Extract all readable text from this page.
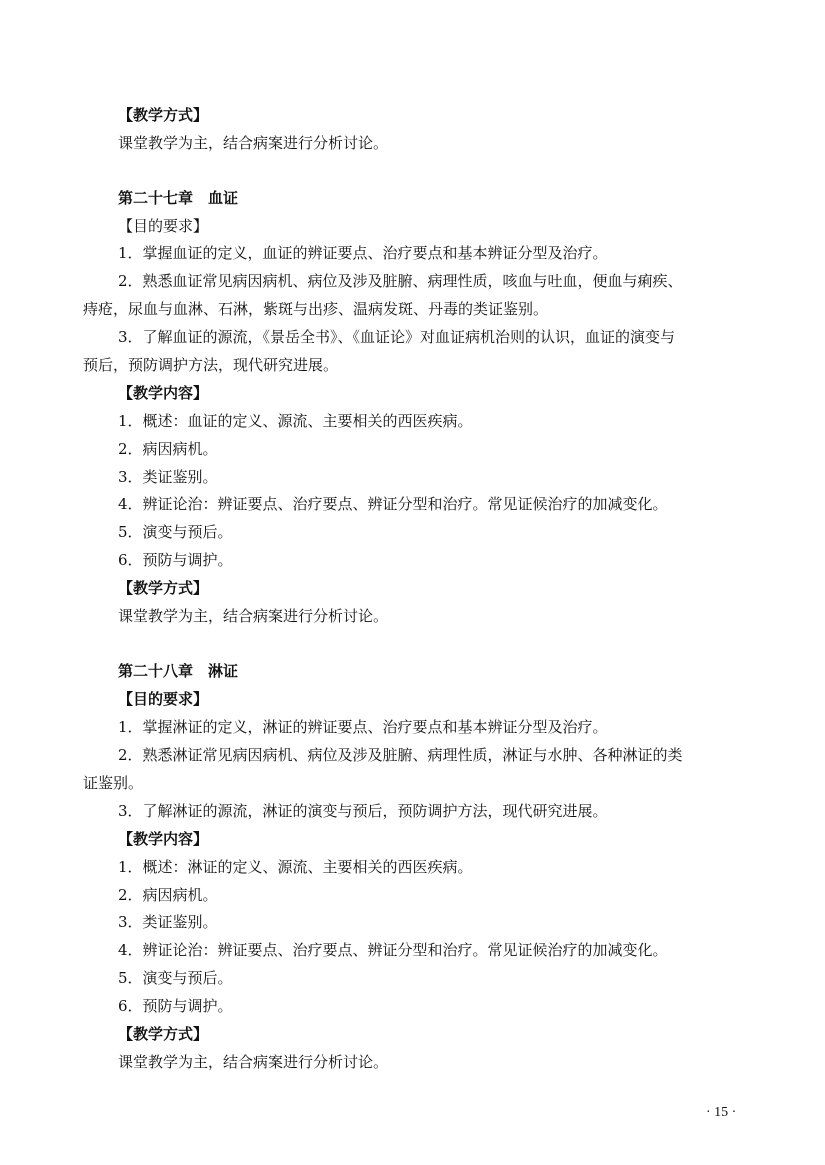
【教学方式】
课堂教学为主，结合病案进行分析讨论。
第二十七章　血证
【目的要求】
1．掌握血证的定义，血证的辨证要点、治疗要点和基本辨证分型及治疗。
2．熟悉血证常见病因病机、病位及涉及脏腑、病理性质，咳血与吐血，便血与痢疾、
痔疮，尿血与血淋、石淋，紫斑与出疹、温病发斑、丹毒的类证鉴别。
3．了解血证的源流，《景岳全书》、《血证论》对血证病机治则的认识，血证的演变与
预后，预防调护方法，现代研究进展。
【教学内容】
1．概述：血证的定义、源流、主要相关的西医疾病。
2．病因病机。
3．类证鉴别。
4．辨证论治：辨证要点、治疗要点、辨证分型和治疗。常见证候治疗的加减变化。
5．演变与预后。
6．预防与调护。
【教学方式】
课堂教学为主，结合病案进行分析讨论。
第二十八章　淋证
【目的要求】
1．掌握淋证的定义，淋证的辨证要点、治疗要点和基本辨证分型及治疗。
2．熟悉淋证常见病因病机、病位及涉及脏腑、病理性质，淋证与水肿、各种淋证的类
证鉴别。
3．了解淋证的源流，淋证的演变与预后，预防调护方法，现代研究进展。
【教学内容】
1．概述：淋证的定义、源流、主要相关的西医疾病。
2．病因病机。
3．类证鉴别。
4．辨证论治：辨证要点、治疗要点、辨证分型和治疗。常见证候治疗的加减变化。
5．演变与预后。
6．预防与调护。
【教学方式】
课堂教学为主，结合病案进行分析讨论。
· 15 ·
